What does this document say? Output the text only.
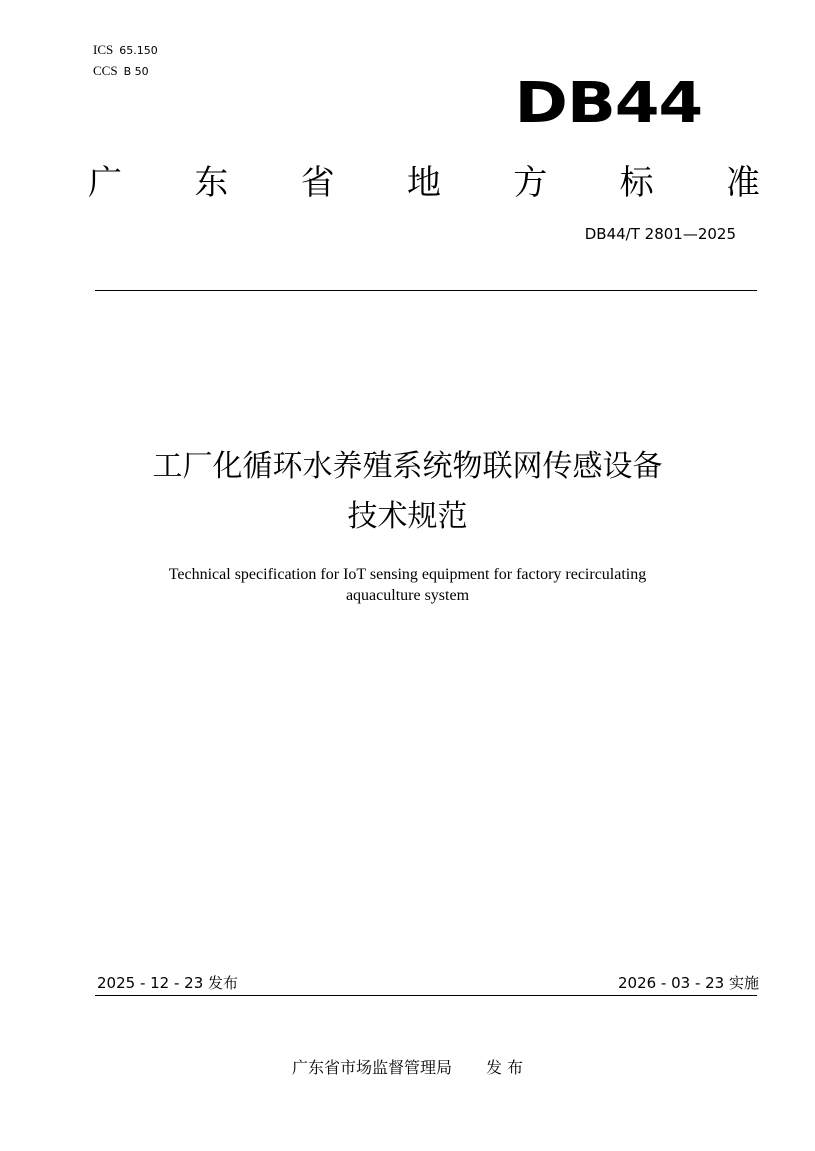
ICS 65.150
CCS B 50	DB44
广 东 省 地 方 标 准
DB44/T 2801—2025
工厂化循环水养殖系统物联网传感设备
技术规范
Technical specification for IoT sensing equipment for factory recirculating
aquaculture system
2025 - 12 - 23 发布	2026 - 03 - 23 实施
广东省市场监督管理局 发 布
